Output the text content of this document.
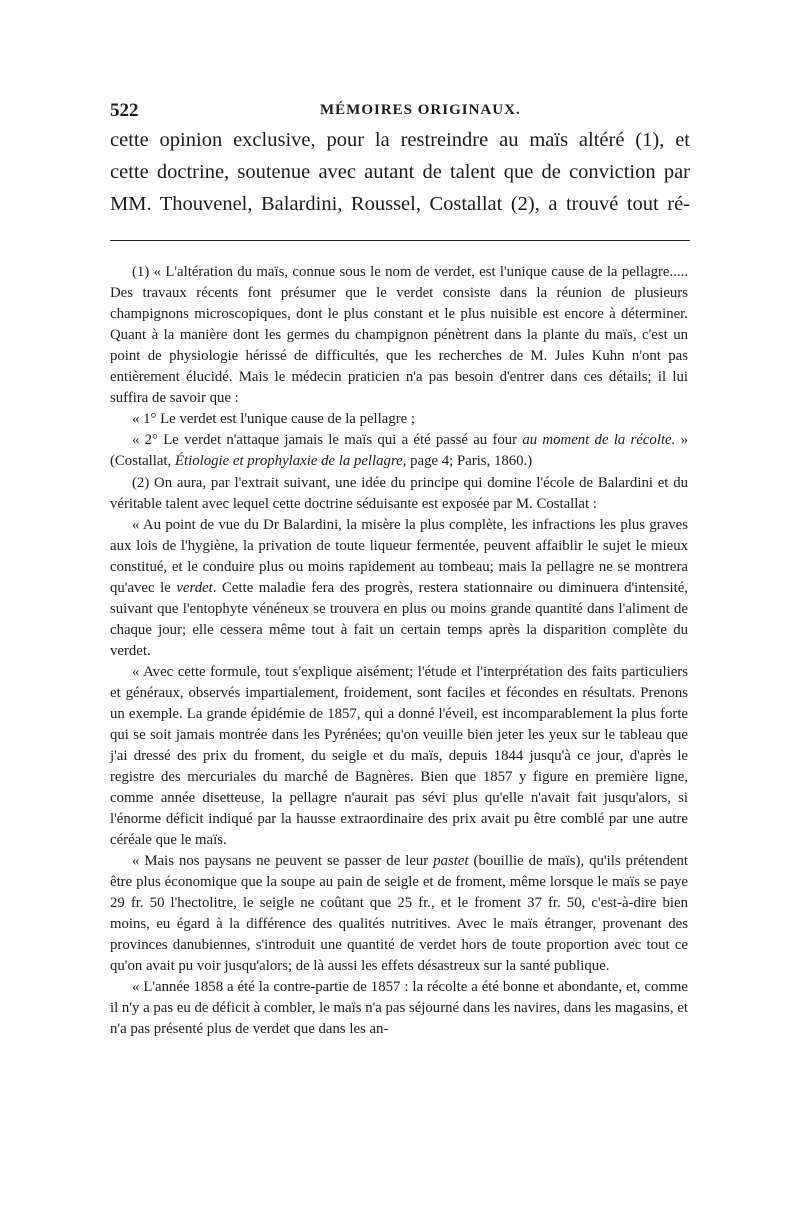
522	MÉMOIRES ORIGINAUX.
cette opinion exclusive, pour la restreindre au maïs altéré (1), et
cette doctrine, soutenue avec autant de talent que de conviction par
MM. Thouvenel, Balardini, Roussel, Costallat (2), a trouvé tout ré-

(1) « L'altération du maïs, connue sous le nom de verdet, est l'unique cause de la pellagre..... Des travaux récents font présumer que le verdet consiste dans la réunion de plusieurs champignons microscopiques, dont le plus constant et le plus nuisible est encore à déterminer. Quant à la manière dont les germes du champignon pénètrent dans la plante du maïs, c'est un point de physiologie hérissé de difficultés, que les recherches de M. Jules Kuhn n'ont pas entièrement élucidé. Mais le médecin praticien n'a pas besoin d'entrer dans ces détails; il lui suffira de savoir que :

« 1° Le verdet est l'unique cause de la pellagre ;

« 2° Le verdet n'attaque jamais le maïs qui a été passé au four au moment de la récolte. » (Costallat, Étiologie et prophylaxie de la pellagre, page 4; Paris, 1860.)

(2) On aura, par l'extrait suivant, une idée du principe qui domine l'école de Balardini et du véritable talent avec lequel cette doctrine séduisante est exposée par M. Costallat :

« Au point de vue du Dr Balardini, la misère la plus complète, les infractions les plus graves aux lois de l'hygiène, la privation de toute liqueur fermentée, peuvent affaiblir le sujet le mieux constitué, et le conduire plus ou moins rapidement au tombeau; mais la pellagre ne se montrera qu'avec le verdet. Cette maladie fera des progrès, restera stationnaire ou diminuera d'intensité, suivant que l'entophyte vénéneux se trouvera en plus ou moins grande quantité dans l'aliment de chaque jour; elle cessera même tout à fait un certain temps après la disparition complète du verdet.

« Avec cette formule, tout s'explique aisément; l'étude et l'interprétation des faits particuliers et généraux, observés impartialement, froidement, sont faciles et fécondes en résultats. Prenons un exemple. La grande épidémie de 1857, qui a donné l'éveil, est incomparablement la plus forte qui se soit jamais montrée dans les Pyrénées; qu'on veuille bien jeter les yeux sur le tableau que j'ai dressé des prix du froment, du seigle et du maïs, depuis 1844 jusqu'à ce jour, d'après le registre des mercuriales du marché de Bagnères. Bien que 1857 y figure en première ligne, comme année disetteuse, la pellagre n'aurait pas sévi plus qu'elle n'avait fait jusqu'alors, si l'énorme déficit indiqué par la hausse extraordinaire des prix avait pu être comblé par une autre céréale que le maïs.

« Mais nos paysans ne peuvent se passer de leur pastet (bouillie de maïs), qu'ils prétendent être plus économique que la soupe au pain de seigle et de froment, même lorsque le maïs se paye 29 fr. 50 l'hectolitre, le seigle ne coûtant que 25 fr., et le froment 37 fr. 50, c'est-à-dire bien moins, eu égard à la différence des qualités nutritives. Avec le maïs étranger, provenant des provinces danubiennes, s'introduit une quantité de verdet hors de toute proportion avec tout ce qu'on avait pu voir jusqu'alors; de là aussi les effets désastreux sur la santé publique.

« L'année 1858 a été la contre-partie de 1857 : la récolte a été bonne et abondante, et, comme il n'y a pas eu de déficit à combler, le maïs n'a pas séjourné dans les navires, dans les magasins, et n'a pas présenté plus de verdet que dans les an-
